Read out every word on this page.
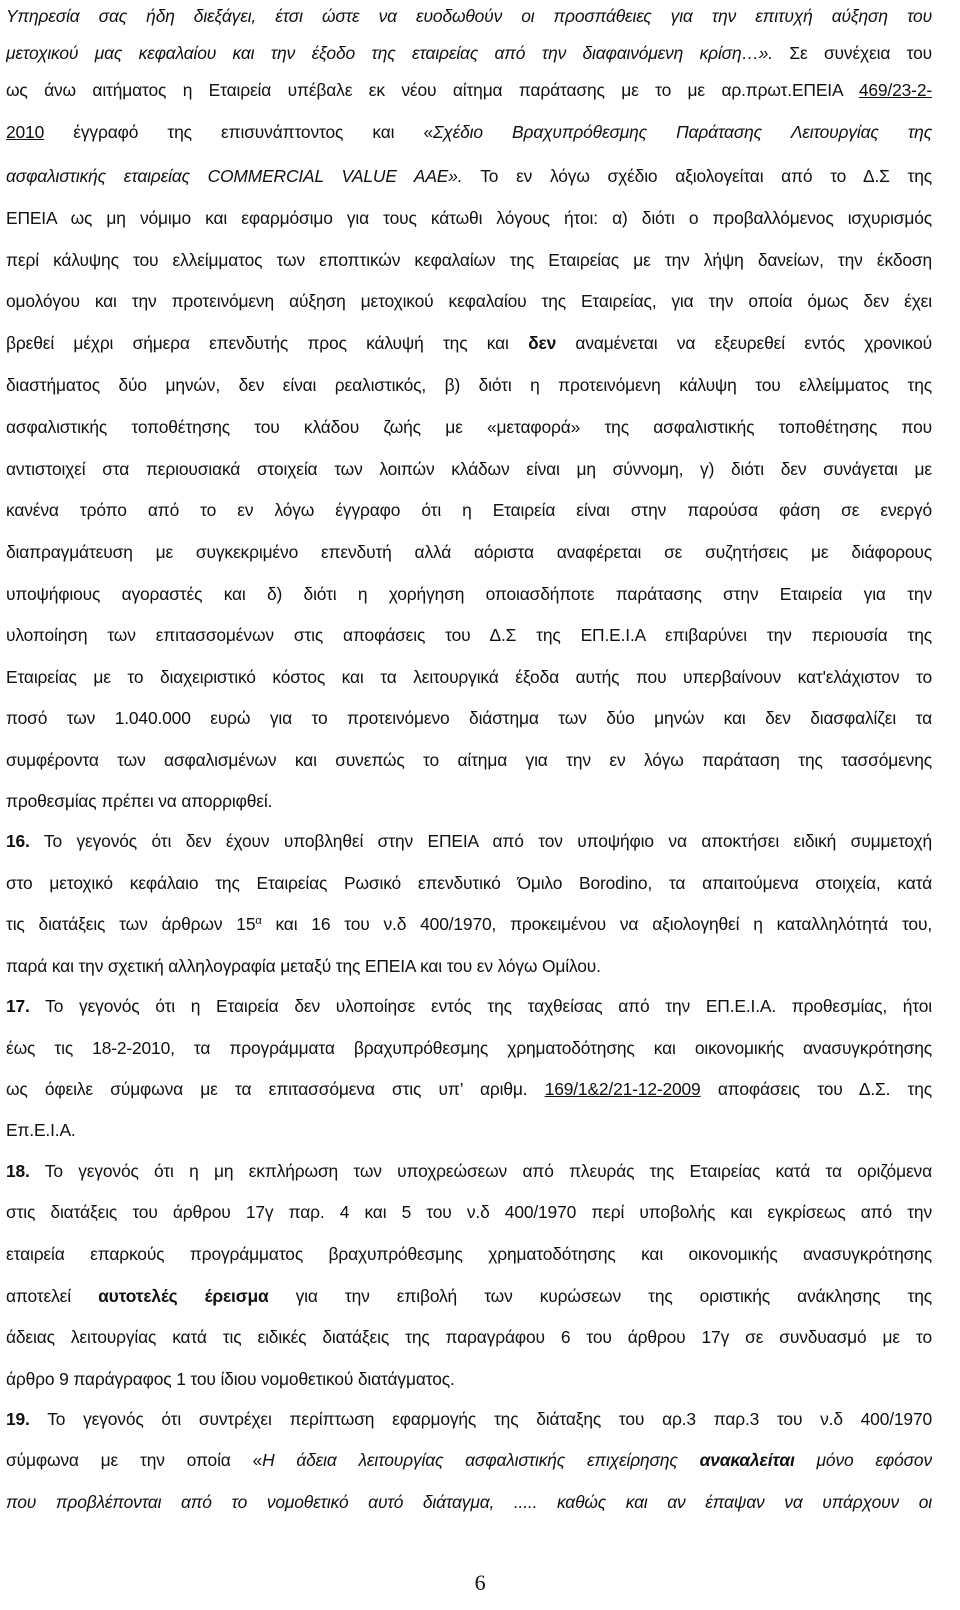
Υπηρεσία σας ήδη διεξάγει, έτσι ώστε να ευοδωθούν οι προσπάθειες για την επιτυχή αύξηση του
μετοχικού μας κεφαλαίου και την έξοδο της εταιρείας από την διαφαινόμενη κρίση…». Σε συνέχεια του
ως άνω αιτήματος η Εταιρεία υπέβαλε εκ νέου αίτημα παράτασης με το με αρ.πρωτ.ΕΠΕΙΑ 469/23-2-
2010 έγγραφό της επισυνάπτοντος και «Σχέδιο Βραχυπρόθεσμης Παράτασης Λειτουργίας της
ασφαλιστικής εταιρείας COMMERCIAL VALUE AAE». Το εν λόγω σχέδιο αξιολογείται από το Δ.Σ της
ΕΠΕΙΑ ως μη νόμιμο και εφαρμόσιμο για τους κάτωθι λόγους ήτοι: α) διότι ο προβαλλόμενος ισχυρισμός
περί κάλυψης του ελλείμματος των εποπτικών κεφαλαίων της Εταιρείας με την λήψη δανείων, την έκδοση
ομολόγου και την προτεινόμενη αύξηση μετοχικού κεφαλαίου της Εταιρείας, για την οποία όμως δεν έχει
βρεθεί μέχρι σήμερα επενδυτής προς κάλυψή της και δεν αναμένεται να εξευρεθεί εντός χρονικού
διαστήματος δύο μηνών, δεν είναι ρεαλιστικός, β) διότι η προτεινόμενη κάλυψη του ελλείμματος της
ασφαλιστικής τοποθέτησης του κλάδου ζωής με «μεταφορά» της ασφαλιστικής τοποθέτησης που
αντιστοιχεί στα περιουσιακά στοιχεία των λοιπών κλάδων είναι μη σύννομη, γ) διότι δεν συνάγεται με
κανένα τρόπο από το εν λόγω έγγραφο ότι η Εταιρεία είναι στην παρούσα φάση σε ενεργό
διαπραγμάτευση με συγκεκριμένο επενδυτή αλλά αόριστα αναφέρεται σε συζητήσεις με διάφορους
υποψήφιους αγοραστές και δ) διότι η χορήγηση οποιασδήποτε παράτασης στην Εταιρεία για την
υλοποίηση των επιτασσομένων στις αποφάσεις του Δ.Σ της ΕΠ.Ε.Ι.Α επιβαρύνει την περιουσία της
Εταιρείας με το διαχειριστικό κόστος και τα λειτουργικά έξοδα αυτής που υπερβαίνουν κατ'ελάχιστον το
ποσό των 1.040.000 ευρώ για το προτεινόμενο διάστημα των δύο μηνών και δεν διασφαλίζει τα
συμφέροντα των ασφαλισμένων και συνεπώς το αίτημα για την εν λόγω παράταση της τασσόμενης
προθεσμίας πρέπει να απορριφθεί.
16. Το γεγονός ότι δεν έχουν υποβληθεί στην ΕΠΕΙΑ από τον υποψήφιο να αποκτήσει ειδική συμμετοχή
στο μετοχικό κεφάλαιο της Εταιρείας Ρωσικό επενδυτικό Όμιλο Borodino, τα απαιτούμενα στοιχεία, κατά
τις διατάξεις των άρθρων $15^\alpha$ και 16 του ν.δ 400/1970, προκειμένου να αξιολογηθεί η καταλληλότητά του,
παρά και την σχετική αλληλογραφία μεταξύ της ΕΠΕΙΑ και του εν λόγω Ομίλου.
17. Το γεγονός ότι η Εταιρεία δεν υλοποίησε εντός της ταχθείσας από την ΕΠ.Ε.Ι.Α. προθεσμίας, ήτοι
έως τις 18-2-2010, τα προγράμματα βραχυπρόθεσμης χρηματοδότησης και οικονομικής ανασυγκρότησης
ως όφειλε σύμφωνα με τα επιτασσόμενα στις υπ’ αριθμ. 169/1&2/21-12-2009 αποφάσεις του Δ.Σ. της
Επ.Ε.Ι.Α.
18. Το γεγονός ότι η μη εκπλήρωση των υποχρεώσεων από πλευράς της Εταιρείας κατά τα οριζόμενα
στις διατάξεις του άρθρου 17γ παρ. 4 και 5 του ν.δ 400/1970 περί υποβολής και εγκρίσεως από την
εταιρεία επαρκούς προγράμματος βραχυπρόθεσμης χρηματοδότησης και οικονομικής ανασυγκρότησης
αποτελεί αυτοτελές έρεισμα για την επιβολή των κυρώσεων της οριστικής ανάκλησης της
άδειας λειτουργίας κατά τις ειδικές διατάξεις της παραγράφου 6 του άρθρου 17γ σε συνδυασμό με το
άρθρο 9 παράγραφος 1 του ίδιου νομοθετικού διατάγματος.
19. Το γεγονός ότι συντρέχει περίπτωση εφαρμογής της διάταξης του αρ.3 παρ.3 του ν.δ 400/1970
σύμφωνα με την οποία «Η άδεια λειτουργίας ασφαλιστικής επιχείρησης ανακαλείται μόνο εφόσον
που προβλέπονται από το νομοθετικό αυτό διάταγμα, ..... καθώς και αν έπαψαν να υπάρχουν οι
6
